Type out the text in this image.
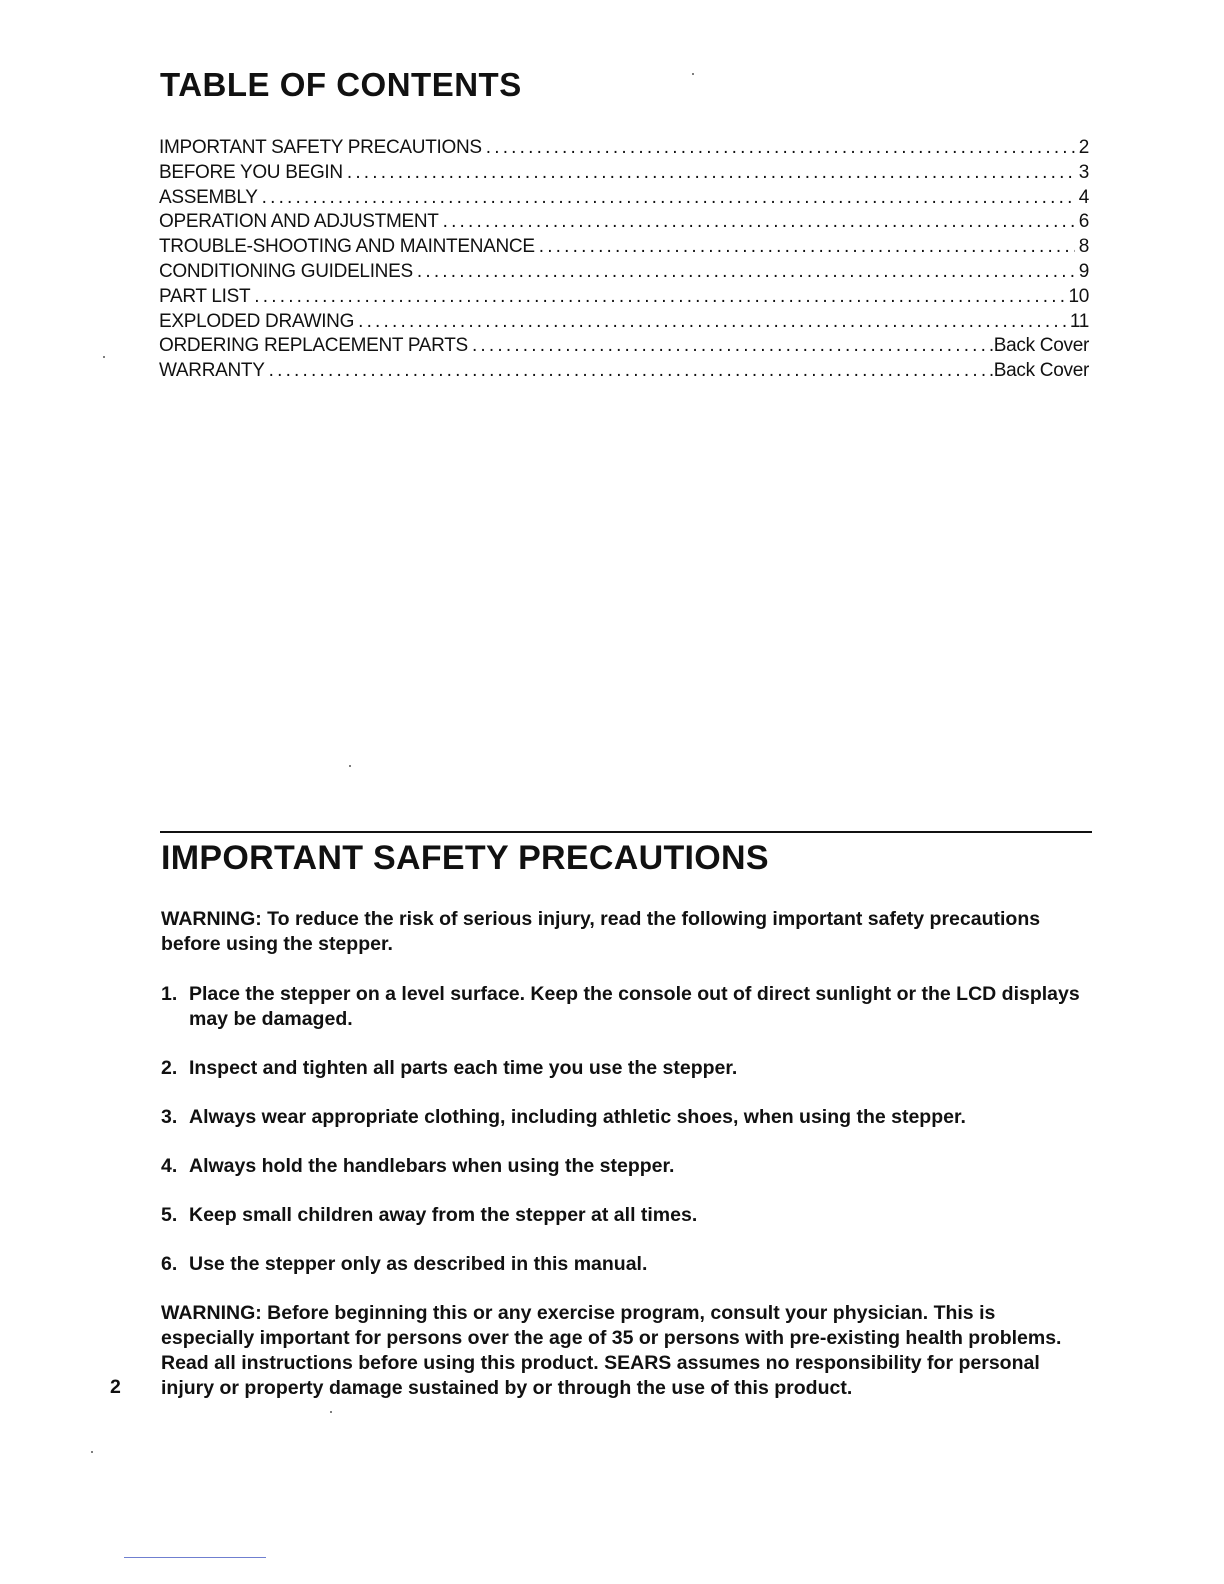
TABLE OF CONTENTS
IMPORTANT SAFETY PRECAUTIONS .....	2
BEFORE YOU BEGIN .....	3
ASSEMBLY .....	4
OPERATION AND ADJUSTMENT .....	6
TROUBLE-SHOOTING AND MAINTENANCE .....	8
CONDITIONING GUIDELINES .....	9
PART LIST .....	10
EXPLODED DRAWING .....	11
ORDERING REPLACEMENT PARTS .....	.Back Cover
WARRANTY .....	.Back Cover
IMPORTANT SAFETY PRECAUTIONS

WARNING: To reduce the risk of serious injury, read the following important safety precautions before using the stepper.

1. Place the stepper on a level surface. Keep the console out of direct sunlight or the LCD displays may be damaged.
2. Inspect and tighten all parts each time you use the stepper.
3. Always wear appropriate clothing, including athletic shoes, when using the stepper.
4. Always hold the handlebars when using the stepper.
5. Keep small children away from the stepper at all times.
6. Use the stepper only as described in this manual.

WARNING: Before beginning this or any exercise program, consult your physician. This is especially important for persons over the age of 35 or persons with pre-existing health problems. Read all instructions before using this product. SEARS assumes no responsibility for personal injury or property damage sustained by or through the use of this product.

2
